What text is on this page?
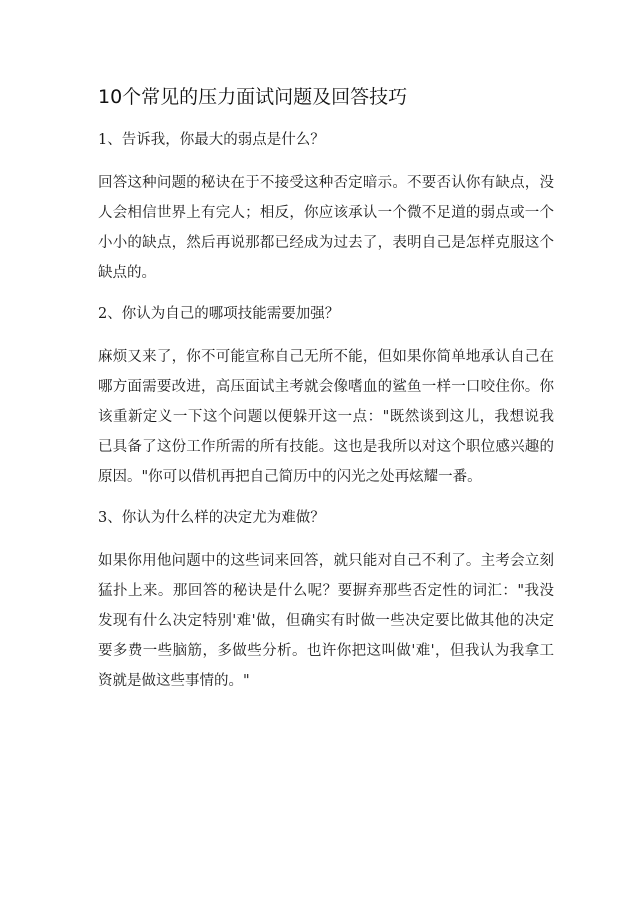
10个常见的压力面试问题及回答技巧

1、告诉我，你最大的弱点是什么？

回答这种问题的秘诀在于不接受这种否定暗示。不要否认你有缺点，没人会相信世界上有完人；相反，你应该承认一个微不足道的弱点或一个小小的缺点，然后再说那都已经成为过去了，表明自己是怎样克服这个缺点的。

2、你认为自己的哪项技能需要加强？

麻烦又来了，你不可能宣称自己无所不能，但如果你简单地承认自己在哪方面需要改进，高压面试主考就会像嗜血的鲨鱼一样一口咬住你。你该重新定义一下这个问题以便躲开这一点："既然谈到这儿，我想说我已具备了这份工作所需的所有技能。这也是我所以对这个职位感兴趣的原因。"你可以借机再把自己简历中的闪光之处再炫耀一番。

3、你认为什么样的决定尤为难做？

如果你用他问题中的这些词来回答，就只能对自己不利了。主考会立刻猛扑上来。那回答的秘诀是什么呢？要摒弃那些否定性的词汇："我没发现有什么决定特别'难'做，但确实有时做一些决定要比做其他的决定要多费一些脑筋，多做些分析。也许你把这叫做'难'，但我认为我拿工资就是做这些事情的。"
